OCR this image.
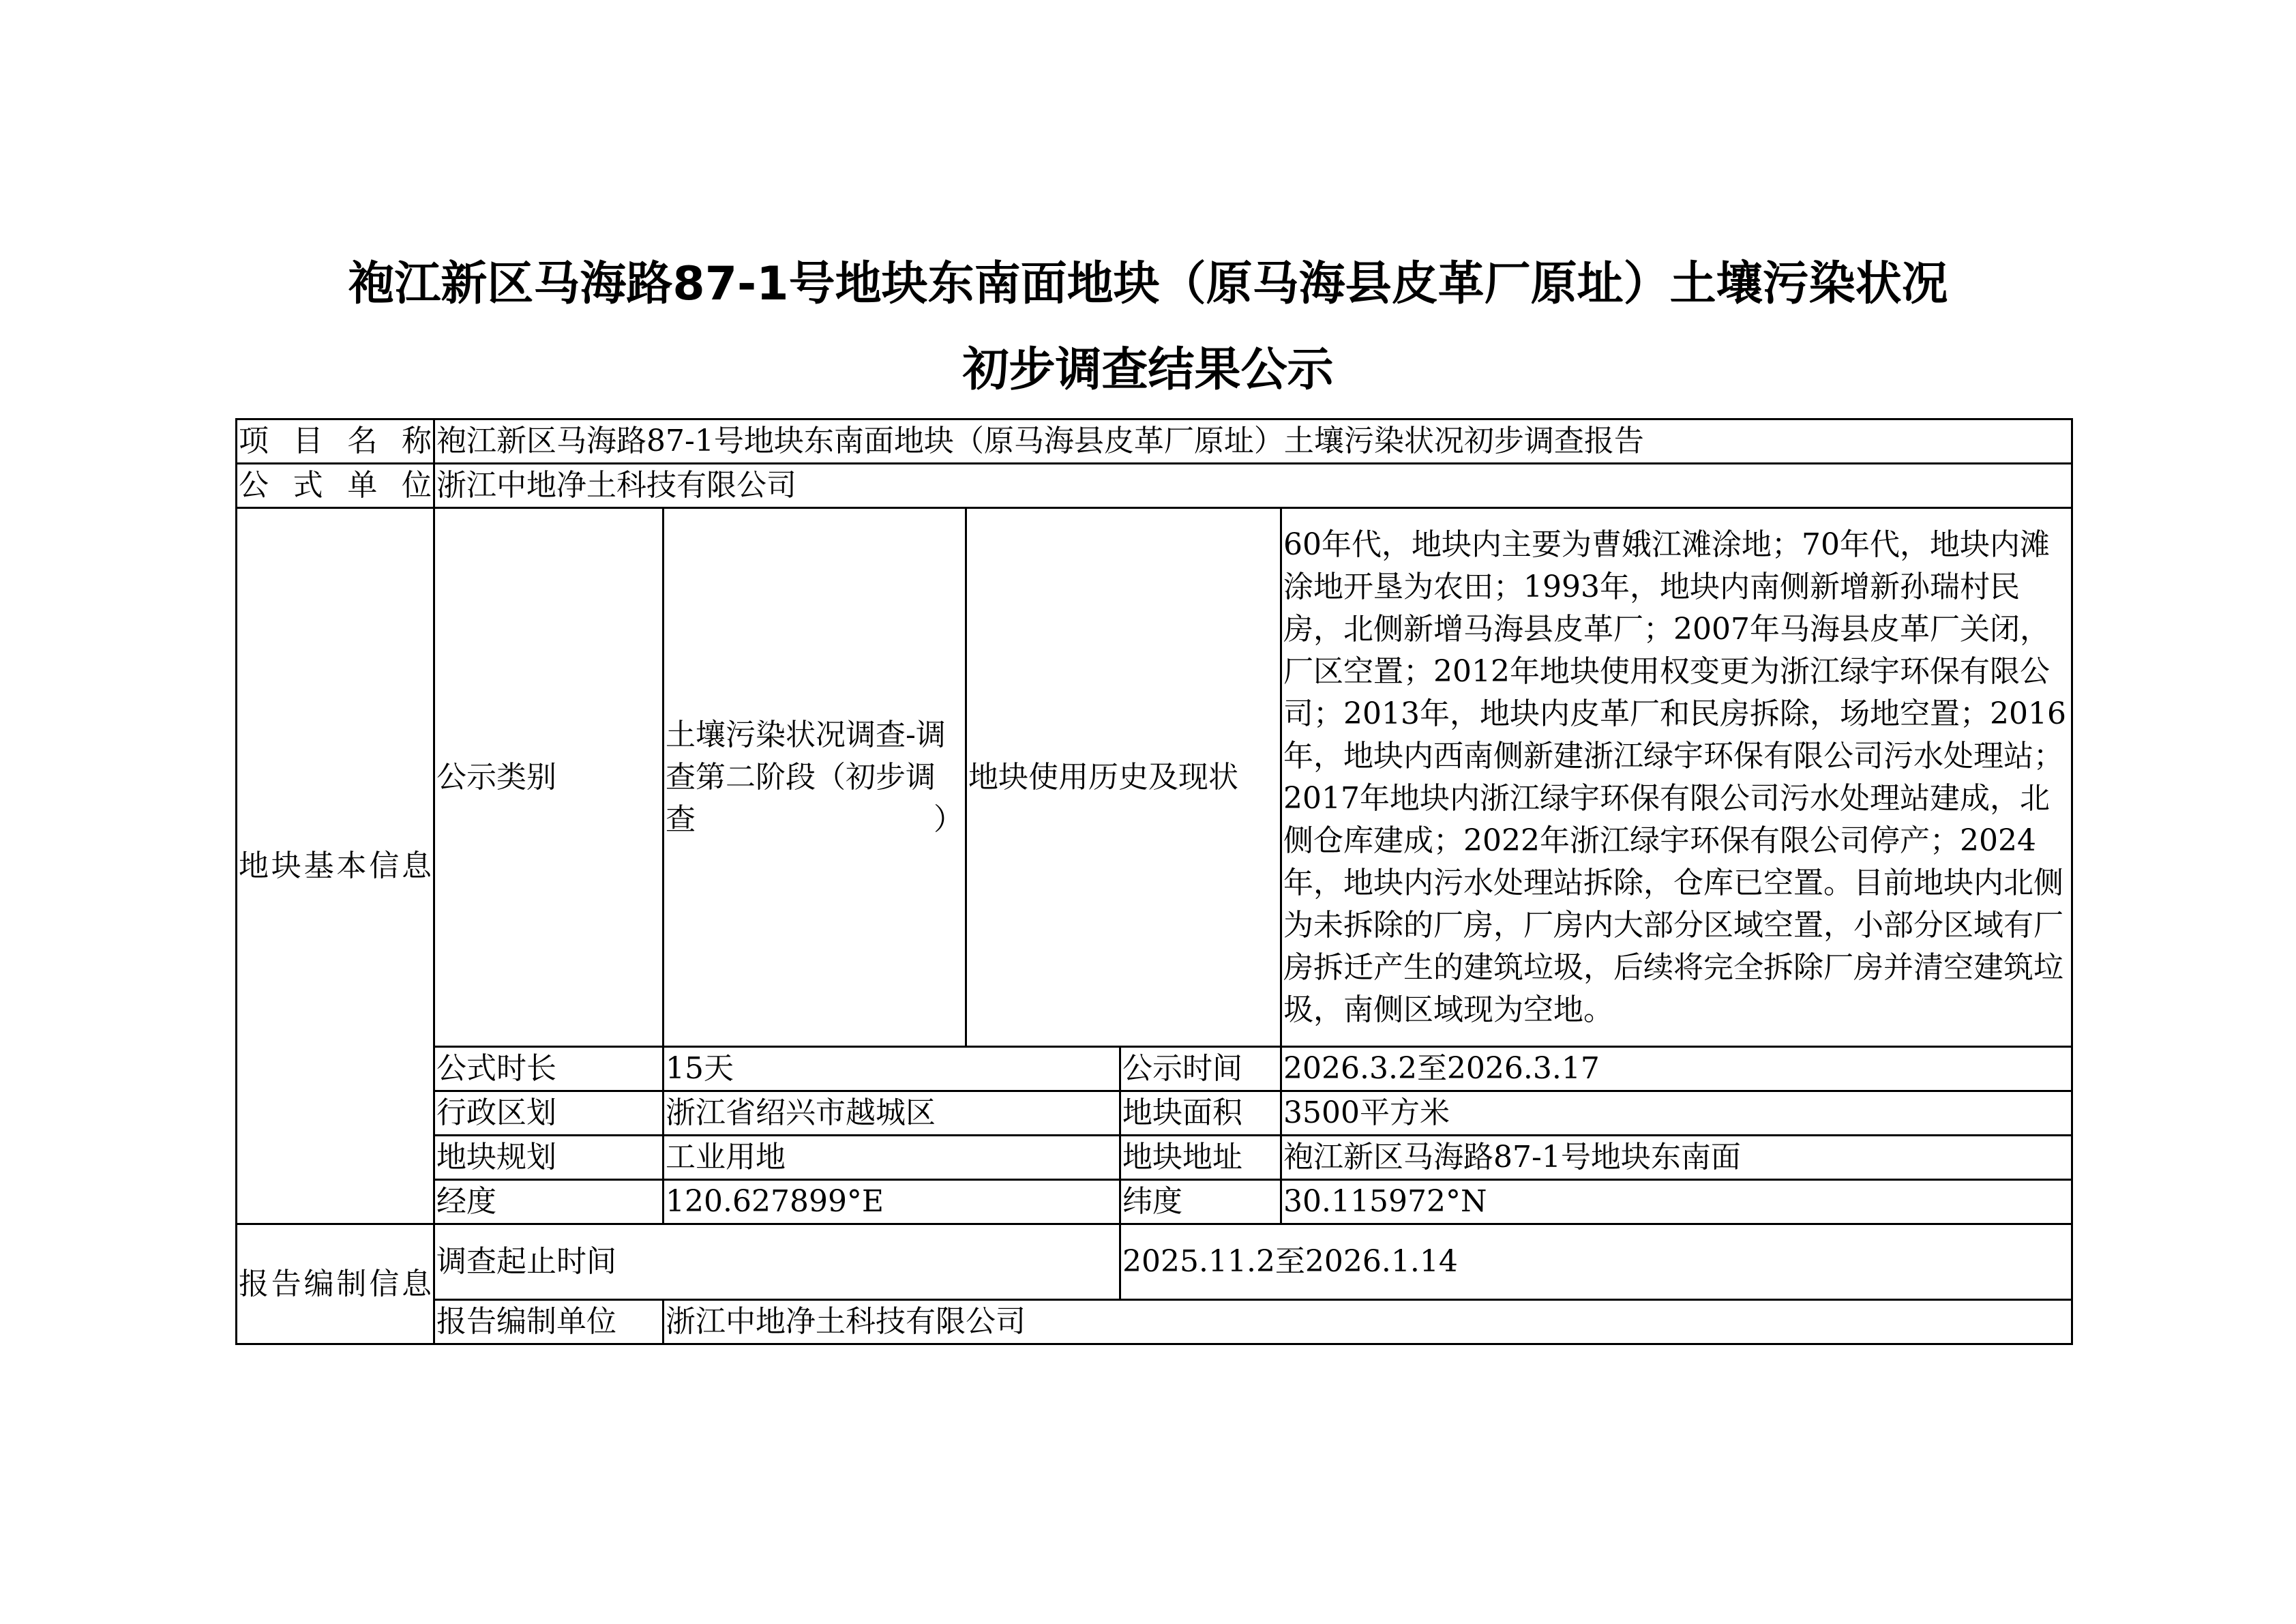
袍江新区马海路87-1号地块东南面地块（原马海县皮革厂原址）土壤污染状况
初步调查结果公示
项目名称	袍江新区马海路87-1号地块东南面地块（原马海县皮革厂原址）土壤污染状况初步调查报告				
公式单位	浙江中地净土科技有限公司				
地块基本信息	公示类别	土壤污染状况调查-调查第二阶段（初步调查）	地块使用历史及现状		60年代，地块内主要为曹娥江滩涂地；70年代，地块内滩涂地开垦为农田；1993年，地块内南侧新增新孙瑞村民房，北侧新增马海县皮革厂；2007年马海县皮革厂关闭，厂区空置；2012年地块使用权变更为浙江绿宇环保有限公司；2013年，地块内皮革厂和民房拆除，场地空置；2016年，地块内西南侧新建浙江绿宇环保有限公司污水处理站；2017年地块内浙江绿宇环保有限公司污水处理站建成，北侧仓库建成；2022年浙江绿宇环保有限公司停产；2024年，地块内污水处理站拆除，仓库已空置。目前地块内北侧为未拆除的厂房，厂房内大部分区域空置，小部分区域有厂房拆迁产生的建筑垃圾，后续将完全拆除厂房并清空建筑垃圾，南侧区域现为空地。
	公式时长	15天		公示时间	2026.3.2至2026.3.17
	行政区划	浙江省绍兴市越城区		地块面积	3500平方米
	地块规划	工业用地		地块地址	袍江新区马海路87-1号地块东南面
	经度	120.627899°E		纬度	30.115972°N
报告编制信息	调查起止时间			2025.11.2至2026.1.14	
	报告编制单位	浙江中地净土科技有限公司			
